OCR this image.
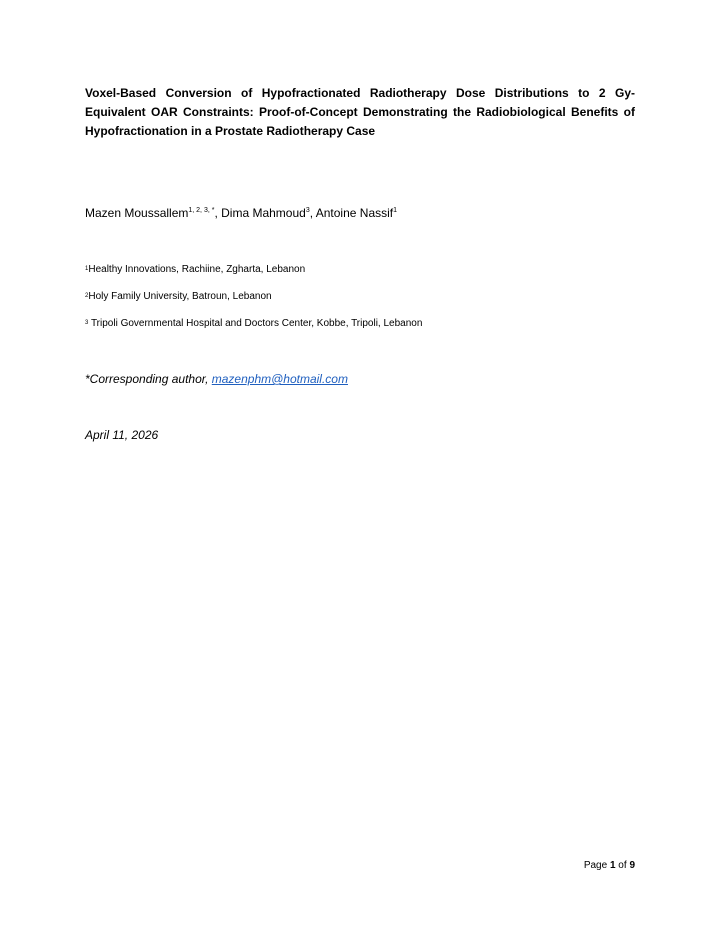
Voxel-Based Conversion of Hypofractionated Radiotherapy Dose Distributions to 2 Gy-Equivalent OAR Constraints: Proof-of-Concept Demonstrating the Radiobiological Benefits of Hypofractionation in a Prostate Radiotherapy Case
Mazen Moussallem$^{1, 2, 3, *}$, Dima Mahmoud$^3$, Antoine Nassif$^1$
$^1$Healthy Innovations, Rachiine, Zgharta, Lebanon
$^2$Holy Family University, Batroun, Lebanon
$^3$ Tripoli Governmental Hospital and Doctors Center, Kobbe, Tripoli, Lebanon
*Corresponding author, mazenphm@hotmail.com
April 11, 2026
Page 1 of 9
